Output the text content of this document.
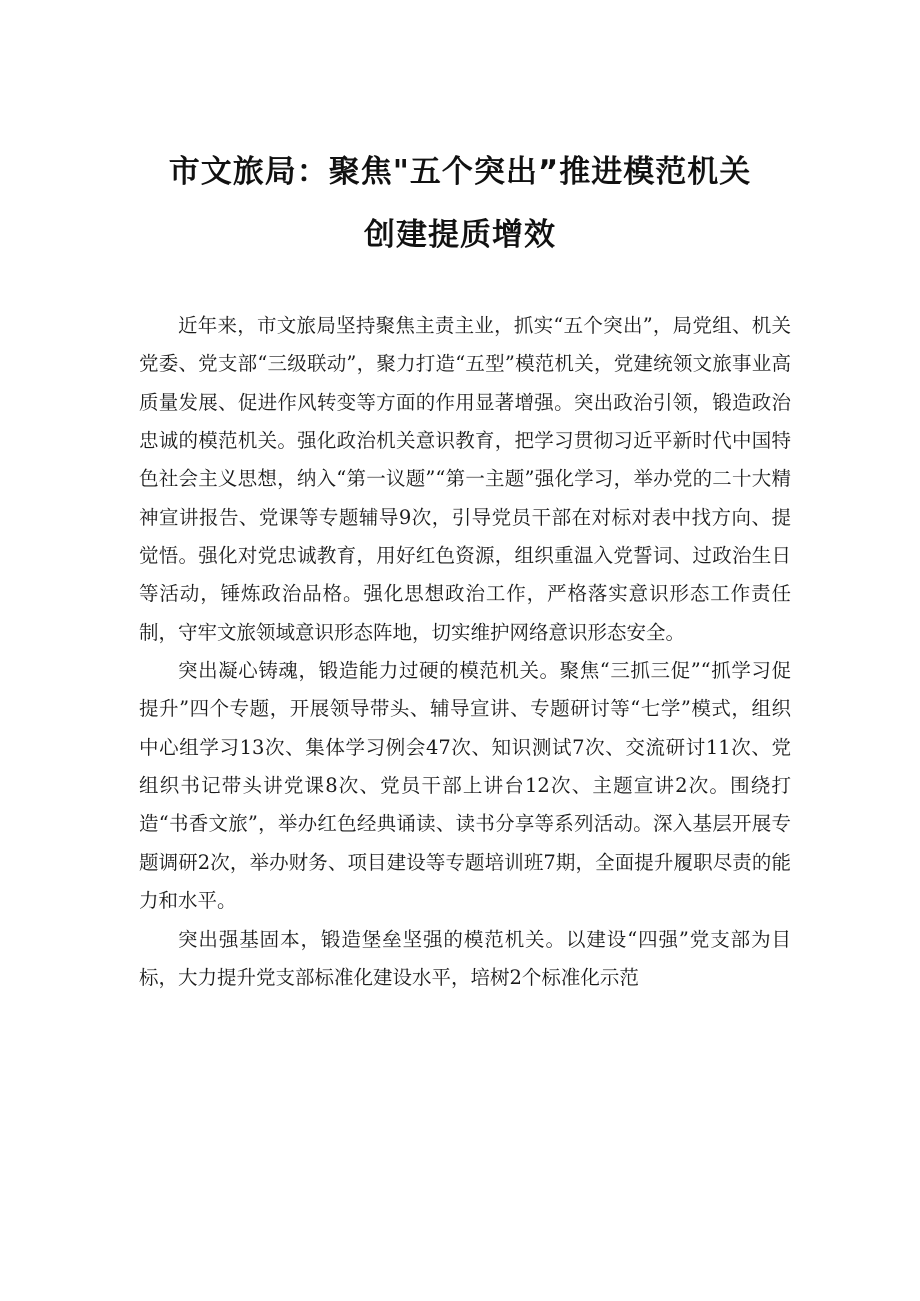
市文旅局：聚焦"五个突出”推进模范机关
创建提质增效

近年来，市文旅局坚持聚焦主责主业，抓实“五个突出”，局党组、机关党委、党支部“三级联动”，聚力打造“五型”模范机关，党建统领文旅事业高质量发展、促进作风转变等方面的作用显著增强。突出政治引领，锻造政治忠诚的模范机关。强化政治机关意识教育，把学习贯彻习近平新时代中国特色社会主义思想，纳入“第一议题”“第一主题”强化学习，举办党的二十大精神宣讲报告、党课等专题辅导9次，引导党员干部在对标对表中找方向、提觉悟。强化对党忠诚教育，用好红色资源，组织重温入党誓词、过政治生日等活动，锤炼政治品格。强化思想政治工作，严格落实意识形态工作责任制，守牢文旅领域意识形态阵地，切实维护网络意识形态安全。

突出凝心铸魂，锻造能力过硬的模范机关。聚焦“三抓三促”“抓学习促提升”四个专题，开展领导带头、辅导宣讲、专题研讨等“七学”模式，组织中心组学习13次、集体学习例会47次、知识测试7次、交流研讨11次、党组织书记带头讲党课8次、党员干部上讲台12次、主题宣讲2次。围绕打造“书香文旅”，举办红色经典诵读、读书分享等系列活动。深入基层开展专题调研2次，举办财务、项目建设等专题培训班7期，全面提升履职尽责的能力和水平。

突出强基固本，锻造堡垒坚强的模范机关。以建设“四强”党支部为目标，大力提升党支部标准化建设水平，培树2个标准化示范
